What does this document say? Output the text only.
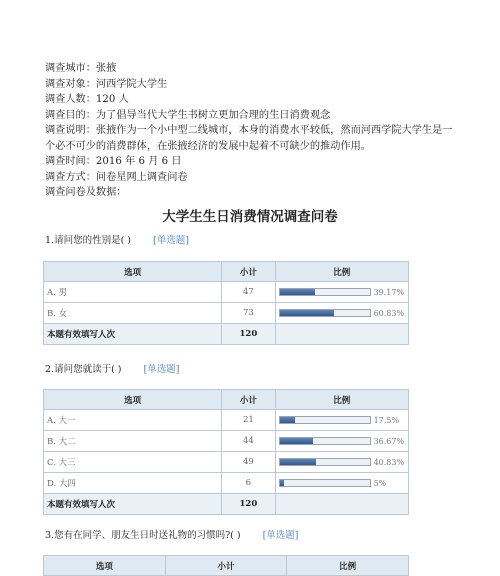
调查城市：张掖

调查对象：河西学院大学生

调查人数：120 人

调查目的：为了倡导当代大学生书树立更加合理的生日消费观念

调查说明：张掖作为一个小中型二线城市，本身的消费水平较低，然而河西学院大学生是一个必不可少的消费群体，在张掖经济的发展中起着不可缺少的推动作用。

调查时间：2016 年 6 月 6 日

调查方式：问卷星网上调查问卷

调查问卷及数据：

大学生生日消费情况调查问卷
1.请问您的性别是( ) [单选题]
选项	小计	比例
A. 男	47	39.17%

B. 女	73	60.83%

本题有效填写人次	120	
2.请问您就读于( ) [单选题]
选项	小计	比例
A. 大一	21	17.5%

B. 大二	44	36.67%

C. 大三	49	40.83%

D. 大四	6	5%

本题有效填写人次	120	
3.您有在同学、朋友生日时送礼物的习惯吗?( ) [单选题]
选项	小计	比例
